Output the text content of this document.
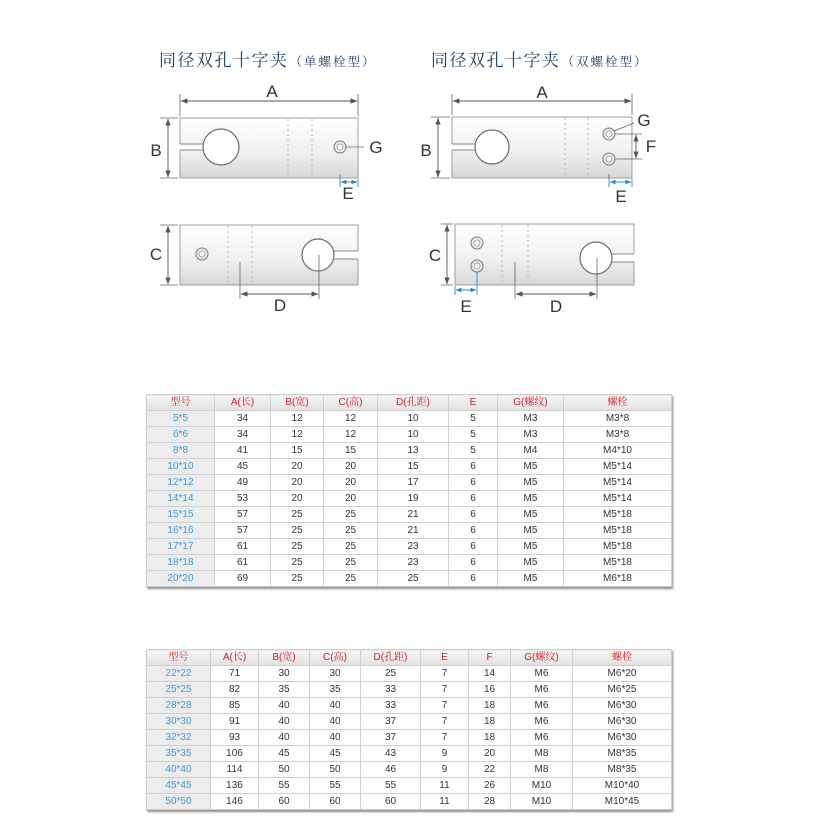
同径双孔十字夹（单螺栓型）	同径双孔十字夹（双螺栓型）
G
A
B
E
C
D
G
F
A
B
E
C
E	D
型号	A(长)	B(宽)	C(高)	D(孔距)	E	G(螺纹)	螺栓
5*5	34	12	12	10	5	M3	M3*8
6*6	34	12	12	10	5	M3	M3*8
8*8	41	15	15	13	5	M4	M4*10
10*10	45	20	20	15	6	M5	M5*14
12*12	49	20	20	17	6	M5	M5*14
14*14	53	20	20	19	6	M5	M5*14
15*15	57	25	25	21	6	M5	M5*18
16*16	57	25	25	21	6	M5	M5*18
17*17	61	25	25	23	6	M5	M5*18
18*18	61	25	25	23	6	M5	M5*18
20*20	69	25	25	25	6	M5	M6*18
型号	A(长)	B(宽)	C(高)	D(孔距)	E	F	G(螺纹)	螺栓
22*22	71	30	30	25	7	14	M6	M6*20
25*25	82	35	35	33	7	16	M6	M6*25
28*28	85	40	40	33	7	18	M6	M6*30
30*30	91	40	40	37	7	18	M6	M6*30
32*32	93	40	40	37	7	18	M6	M6*30
35*35	106	45	45	43	9	20	M8	M8*35
40*40	114	50	50	46	9	22	M8	M8*35
45*45	136	55	55	55	11	26	M10	M10*40
50*50	146	60	60	60	11	28	M10	M10*45
